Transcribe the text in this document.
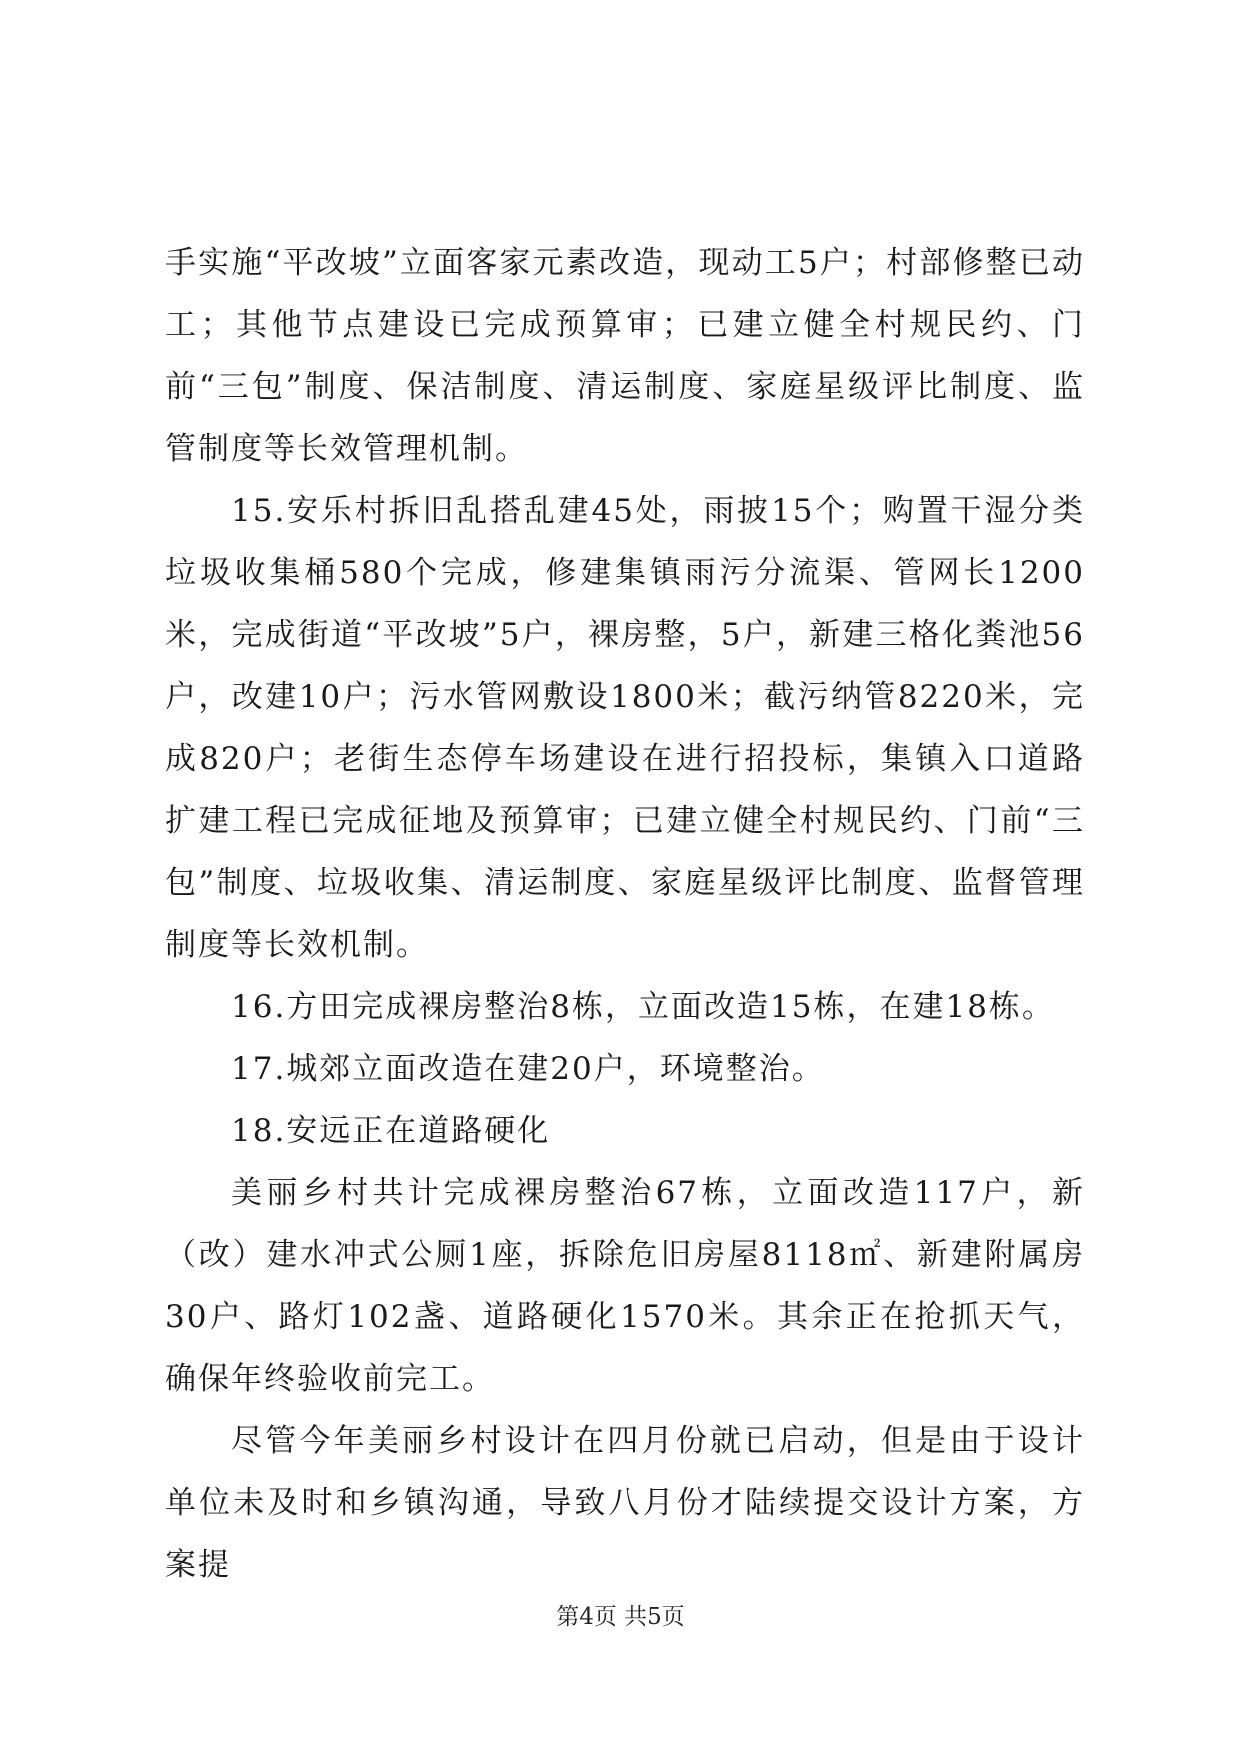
手实施“平改坡”立面客家元素改造，现动工5户；村部修整已动工；其他节点建设已完成预算审；已建立健全村规民约、门前“三包”制度、保洁制度、清运制度、家庭星级评比制度、监管制度等长效管理机制。

15.安乐村拆旧乱搭乱建45处，雨披15个；购置干湿分类垃圾收集桶580个完成，修建集镇雨污分流渠、管网长1200米，完成街道“平改坡”5户，裸房整，5户，新建三格化粪池56户，改建10户；污水管网敷设1800米；截污纳管8220米，完成820户；老街生态停车场建设在进行招投标，集镇入口道路扩建工程已完成征地及预算审；已建立健全村规民约、门前“三包”制度、垃圾收集、清运制度、家庭星级评比制度、监督管理制度等长效机制。

16.方田完成裸房整治8栋，立面改造15栋，在建18栋。

17.城郊立面改造在建20户，环境整治。

18.安远正在道路硬化

美丽乡村共计完成裸房整治67栋，立面改造117户，新（改）建水冲式公厕1座，拆除危旧房屋8118㎡、新建附属房30户、路灯102盏、道路硬化1570米。其余正在抢抓天气，确保年终验收前完工。

尽管今年美丽乡村设计在四月份就已启动，但是由于设计单位未及时和乡镇沟通，导致八月份才陆续提交设计方案，方案提

第4页 共5页
